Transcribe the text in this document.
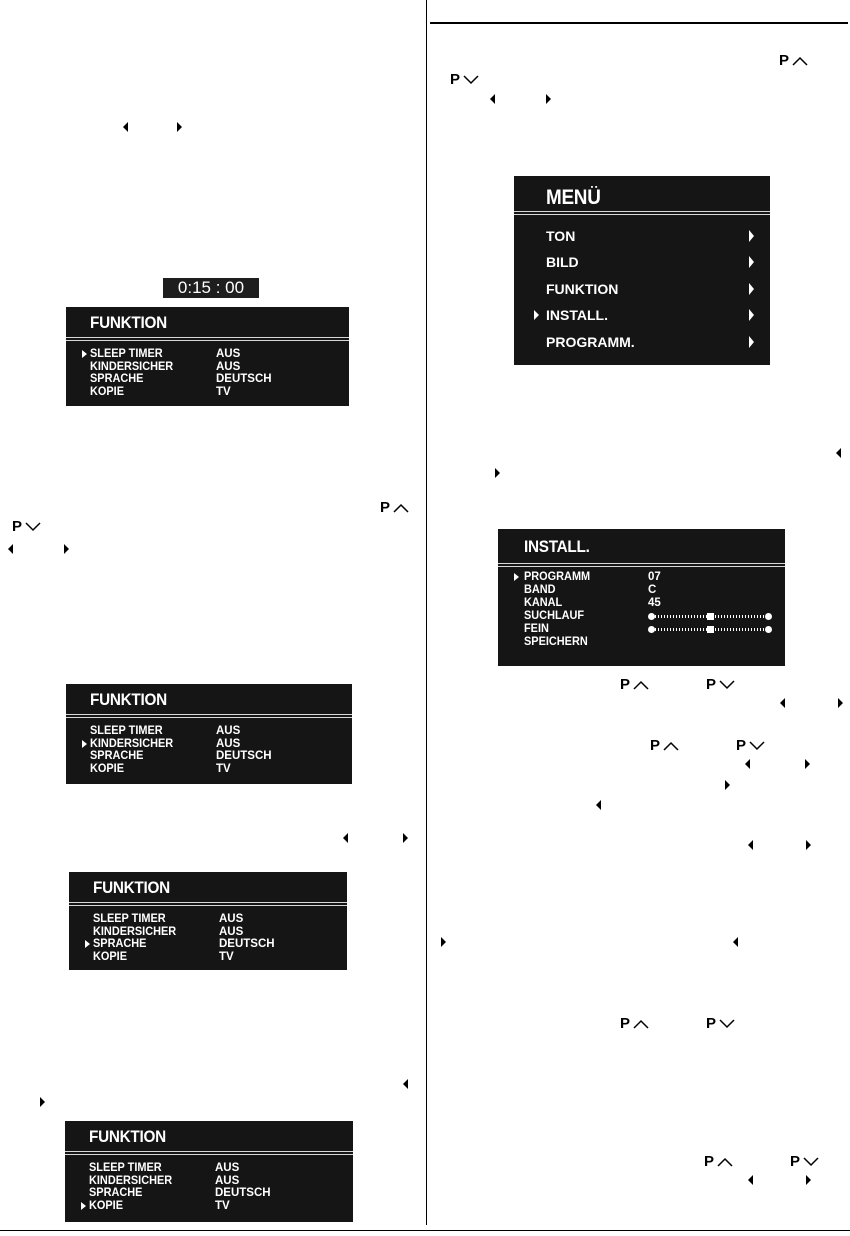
0:15 : 00
FUNKTION
SLEEP TIMER	AUS
KINDERSICHER	AUS
SPRACHE	DEUTSCH
KOPIE	TV
P
P
FUNKTION
SLEEP TIMER	AUS
KINDERSICHER	AUS
SPRACHE	DEUTSCH
KOPIE	TV
FUNKTION
SLEEP TIMER	AUS
KINDERSICHER	AUS
SPRACHE	DEUTSCH
KOPIE	TV
FUNKTION
SLEEP TIMER	AUS
KINDERSICHER	AUS
SPRACHE	DEUTSCH
KOPIE	TV
P
P
MENÜ
TON
BILD
FUNKTION
INSTALL.
PROGRAMM.
INSTALL.
PROGRAMM	07
BAND	C
KANAL	45
SUCHLAUF
FEIN
SPEICHERN
P	P
P	P
P	P
P	P
